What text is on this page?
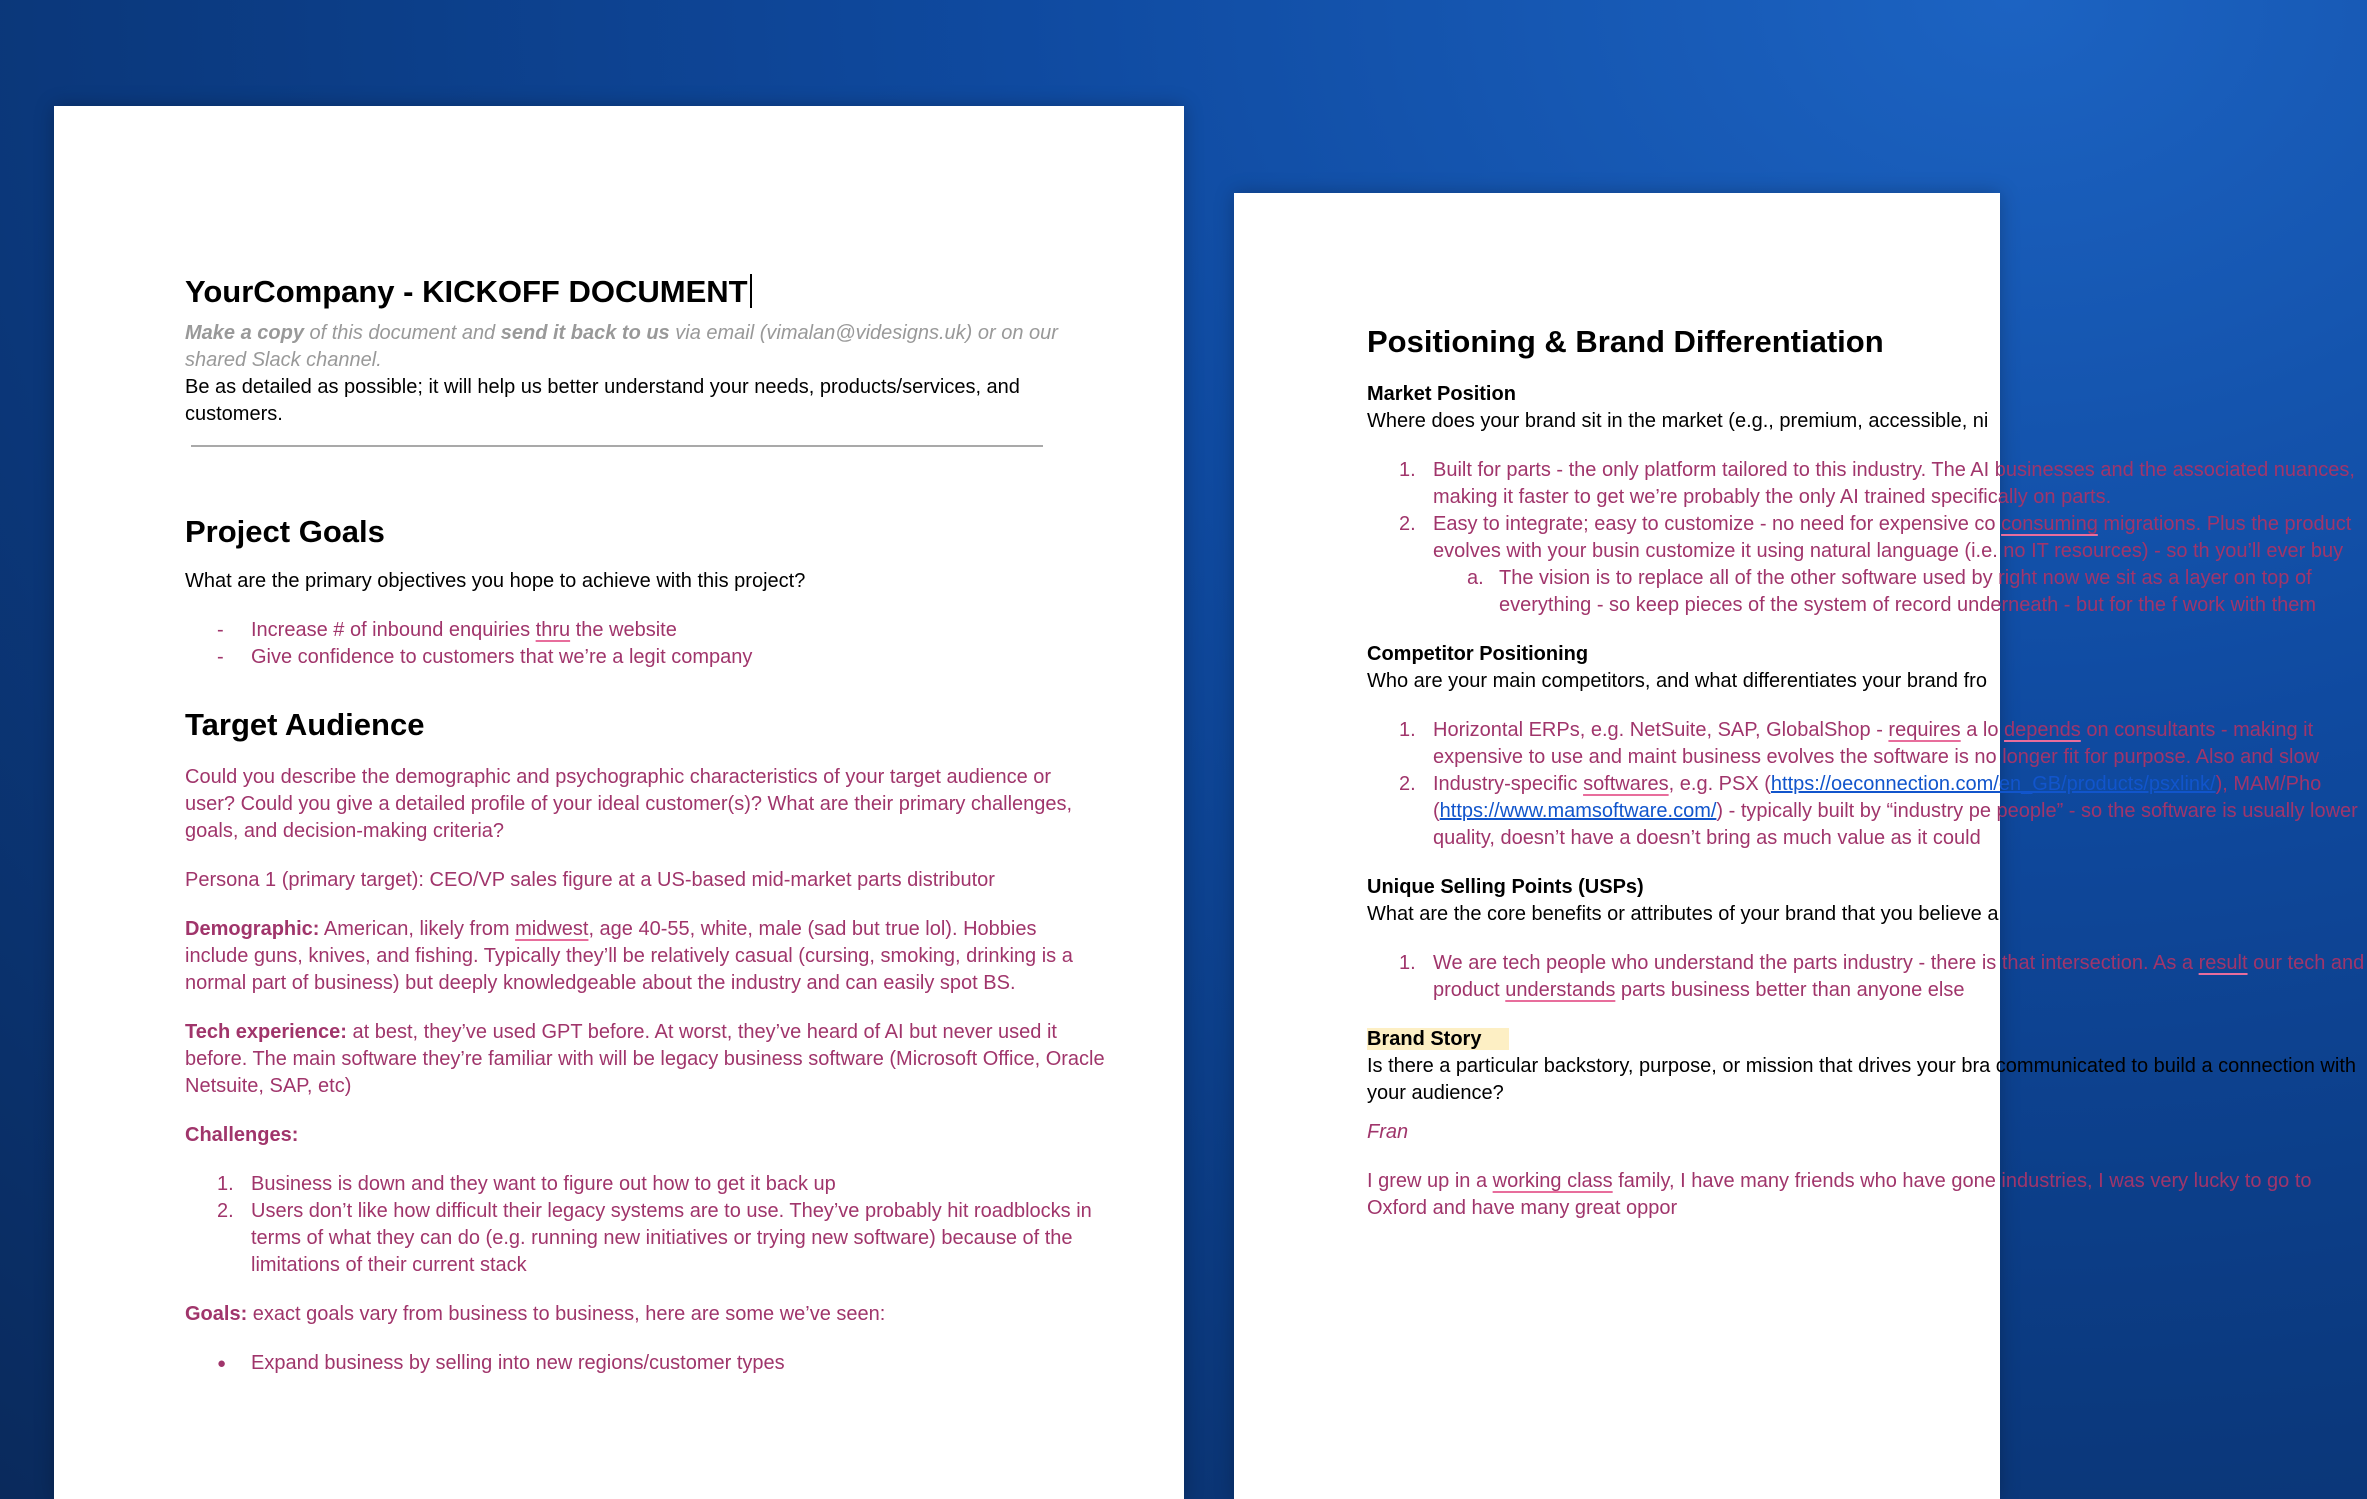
YourCompany - KICKOFF DOCUMENT

Make a copy of this document and send it back to us via email (vimalan@videsigns.uk) or on our shared Slack channel.

Be as detailed as possible; it will help us better understand your needs, products/services, and customers.

Project Goals

What are the primary objectives you hope to achieve with this project?

- Increase # of inbound enquiries thru the website
- Give confidence to customers that we’re a legit company
Target Audience

Could you describe the demographic and psychographic characteristics of your target audience or user? Could you give a detailed profile of your ideal customer(s)? What are their primary challenges, goals, and decision-making criteria?

Persona 1 (primary target): CEO/VP sales figure at a US-based mid-market parts distributor

Demographic: American, likely from midwest, age 40-55, white, male (sad but true lol). Hobbies include guns, knives, and fishing. Typically they’ll be relatively casual (cursing, smoking, drinking is a normal part of business) but deeply knowledgeable about the industry and can easily spot BS.

Tech experience: at best, they’ve used GPT before. At worst, they’ve heard of AI but never used it before. The main software they’re familiar with will be legacy business software (Microsoft Office, Oracle Netsuite, SAP, etc)

Challenges:

1. Business is down and they want to figure out how to get it back up
2. Users don’t like how difficult their legacy systems are to use. They’ve probably hit roadblocks in terms of what they can do (e.g. running new initiatives or trying new software) because of the limitations of their current stack

Goals: exact goals vary from business to business, here are some we’ve seen:

● Expand business by selling into new regions/customer types
Positioning & Brand Differentiation
Market Position

Where does your brand sit in the market (e.g., premium, accessible, ni

1. Built for parts - the only platform tailored to this industry. The AI businesses and the associated nuances, making it faster to get we’re probably the only AI trained specifically on parts.
2. Easy to integrate; easy to customize - no need for expensive co consuming migrations. Plus the product evolves with your busin customize it using natural language (i.e. no IT resources) - so th you’ll ever buy
a. The vision is to replace all of the other software used by right now we sit as a layer on top of everything - so keep pieces of the system of record underneath - but for the f work with them
Competitor Positioning

Who are your main competitors, and what differentiates your brand fro

1. Horizontal ERPs, e.g. NetSuite, SAP, GlobalShop - requires a lo depends on consultants - making it expensive to use and maint business evolves the software is no longer fit for purpose. Also and slow
2. Industry-specific softwares, e.g. PSX (https://oeconnection.com/en_GB/products/psxlink/), MAM/Pho (https://www.mamsoftware.com/) - typically built by “industry pe people” - so the software is usually lower quality, doesn’t have a doesn’t bring as much value as it could
Unique Selling Points (USPs)

What are the core benefits or attributes of your brand that you believe a

1. We are tech people who understand the parts industry - there is that intersection. As a result our tech and product understands parts business better than anyone else
Brand Story

Is there a particular backstory, purpose, or mission that drives your bra communicated to build a connection with your audience?

Fran

I grew up in a working class family, I have many friends who have gone industries, I was very lucky to go to Oxford and have many great oppor
